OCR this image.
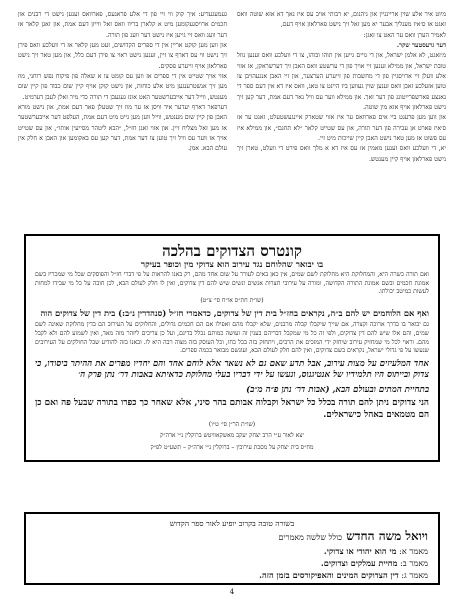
מיוט איר אלע שוין אריינגיין און גיהנום, יא רבותי אויב עס איז נאך דא אזא שוטה וואס זאגט אז ס׳איז מעגליך אבער יא מען זאל זיך נישט פארלאזן אויף דעם,

לאמיר הערן וואס ער האט צו זאגן:

דער גרעסטער שקר.

מ׳זאגט, לא אלמן ישראל, און די גויים גייען אין תוהו ובוהו, צו די וועלכע וואס זענען גוזל טובת ישראל, און ממילא זענען זיי אויך פון די ערשטע וואס האבן זיך דערשראקן, אז אזוי אלע וועלן זיי ארויסגיין פון די מחשבות פון זייערע הערצער, און זיי האבן אנגעהויבן צו טוען אזעלכע זאכן וואס זענען שוין געווען ביז היינט צו טאג, וואס איז דא אין דעם ספר די גאנצע פארשפרייטונג פון דער זאך. און ממילא ווער עס וויל נאר דעם אמת, דער קען זיך נישט פארלאזן אויף אזא מין שוטה.

און ווען מען פרעגט ביי אים פארוואס ער איז אזוי שטארק איינגעשטעלט, זאגט ער אז ס׳איז פארט אן עבירה פון דער תורה, און עס שטייט קלאר ״לא תחנם״, און ממילא איז עס פשוט אז מען טאר נישט האבן קיין שייכות מיט זיי.

יא, די וועלכע וואס זענען מאמין אז עס איז דא א מלך וואס פירט די וועלט, טארן זיך נישט פארלאזן אויף קיין מענטש.

געמעגעדיע: איך קוק ווי זיי פון די אלע פראגעס, פארוואס זענען נישט די רבנים און חכמים ארויסגעקומען מיט א קלארן בריוו וואס זאל ווייזן דעם אמת, און זאגן קלאר אז דער וועג וואס זיי גייען איז נישט דער וועג פון תורה.

און ווען מען קוקט אריין אין די ספרים הקדושים, זעט מען קלאר אז די וועלכע וואס פירן זיך נישט ווי עס דארף צו זיין, זענען נישט ראוי צו פירן דעם כלל, און מען טאר זיך נישט פארלאזן אויף זייערע פסקים.

אזוי אויך שטייט אין די ספרים אז ווען עס קומט צו א שאלה פון פיקוח נפש רוחני, מוז מען זיך אנשטרענגען מיט אלע כוחות, און נישט קוקן אויף קיין שום כבוד פון קיין שום מענטש, ווייל דער אייבערשטער האט אונז געגעבן די תורה כדי מיר זאלן לעבן דערמיט.

דערפאר דארף יעדער איד וויסן אז ער מוז זיך שטעלן פאר דעם אמת, און נישט מורא האבן פון קיין שום מענטש, ווייל ווען מען גייט מיט דעם אמת, העלפט דער אייבערשטער אז מען זאל מצליח זיין. און אזוי זאגן חז״ל, ״הבא ליטהר מסייעין אותו״, און עס שטייט אויך אז ווער עס וויל זיך טוען צו דער אמת, דער קען עס באקומען און האבן א חלק אין עולם הבא. אמן.

קונטרס הצדוקים בהלכה
בו יבואר שהלוחם נגד עירוב הוא צדוקי מין וכופר בעיקר
ואם תורה כשרה היא, והמחלוקת היא מחלוקת לשם שמים, אין כאן באים לעורר על שום אחד מהם, רק באנו להראות על פי דברי חז״ל והפוסקים שכל מי שמכריז בשם אמונת חכמים ובשם אמונת התורה הקדושה, ומורה על עירובי חצרות אנשים ונשים שיש להם דין צדוקים, ואין לו חלק לעולם הבא, לכן חובה על כל מי שבידו למחות לעשות כמיטב יכולתו.
(שו״ת חת״ס או״ח סי׳ צ״ט)
ואף אם הלוחמים יש להם ב״ה, נקראים בחז״ל בית דין של צדוקים, כדאמרי חז״ל (סנהדרין נ״ב:) בית דין של צדוקים הוה
גם יבואר בו בדרך ארוכה וקצרה, אם שייך שיקבלו קבלה מרבנים, שלא יקבלו מהם ואפילו אם הם חכמים גדולים, והחלוקים על העירוב הם בדין מחלוקת שאינה לשם שמים, והם אלו שיש להם דין צדוקים, ולפי זה כל מי שמקבל דבריהם בענין זה ועושה כמותם נכלל בדינם, ועל כן צריכים ליזהר מזה מאד, ואין לשמוע להם ולא לקבל מהם. וראוי לכל מי שמחזיק עירוב שיחזק ידי המזכים את הרבים, ויתחזק בזה בכל כחו, וכל העוסק בזה מצוה רבה היא לו. ובאנו בזה להודיע שכל החולקים על העירובים שנעשו על פי גדולי ישראל, נקראים בשם צדוקים, ואין להם חלק לעולם הבא, ועונשם מבואר בכמה ספרים.
אחד המלעיזים על מצות עירוב, אבל תדע שאם גם לא נשאר אלא לוחם אחד והם יחדיו מפרים את ההיתר ביסודו, כי צדוק ובייתוס היו תלמידיו של אנטיגנוס, ונעשו על ידי דבריו בעלי מחלוקת כדאיתא באבות דר׳ נתן פרק ה׳
בתחיית המתים ובעולם הבא, (אבות דר׳ נתן פ״ה מ״ב)
הני צדוקים ניתן להם תורה בכלל כל ישראל וקבלוה אבותם בהר סיני, אלא שאחר כך כפרו בתורה שבעל פה ואם כן הם מטמאים באהל כישראלים.
(שו״ת הר״ן סי׳ ט״ו)
יצא לאור ע״י הרב יצחק יעקב מאשקאוויטש ברוקלין נ״י ארה״ק
מח״ס בית יצחק על מסכת עירובין – ברוקלין נ״י ארה״ק – תשע״ט לפ״ק
בשורה טובה בקרוב יופיע לאור ספר הקדוש
ויואל משה החדש כולל שלשה מאמרים
מאמר א: מי הוא יהודי או צדוקי.
מאמר ב: מחיית עמלקים וצדוקים.
מאמר ג: דין הצדוקים המינים והאפיקורסים בזמן הזה.
4
